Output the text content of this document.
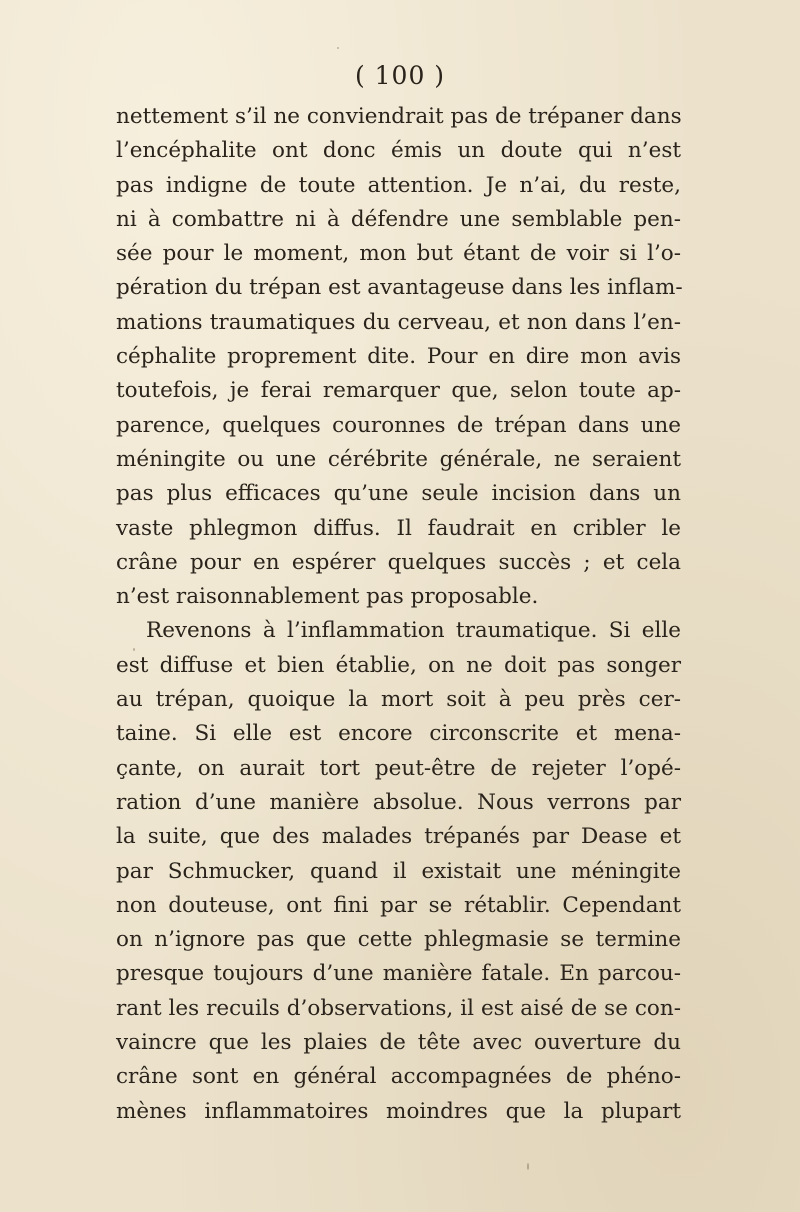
( 100 )
nettement s’il ne conviendrait pas de trépaner dans
l’encéphalite ont donc émis un doute qui n’est
pas indigne de toute attention. Je n’ai, du reste,
ni à combattre ni à défendre une semblable pen-
sée pour le moment, mon but étant de voir si l’o-
pération du trépan est avantageuse dans les inflam-
mations traumatiques du cerveau, et non dans l’en-
céphalite proprement dite. Pour en dire mon avis
toutefois, je ferai remarquer que, selon toute ap-
parence, quelques couronnes de trépan dans une
méningite ou une cérébrite générale, ne seraient
pas plus efficaces qu’une seule incision dans un
vaste phlegmon diffus. Il faudrait en cribler le
crâne pour en espérer quelques succès ; et cela
n’est raisonnablement pas proposable.
Revenons à l’inflammation traumatique. Si elle
est diffuse et bien établie, on ne doit pas songer
au trépan, quoique la mort soit à peu près cer-
taine. Si elle est encore circonscrite et mena-
çante, on aurait tort peut-être de rejeter l’opé-
ration d’une manière absolue. Nous verrons par
la suite, que des malades trépanés par Dease et
par Schmucker, quand il existait une méningite
non douteuse, ont fini par se rétablir. Cependant
on n’ignore pas que cette phlegmasie se termine
presque toujours d’une manière fatale. En parcou-
rant les recuils d’observations, il est aisé de se con-
vaincre que les plaies de tête avec ouverture du
crâne sont en général accompagnées de phéno-
mènes inflammatoires moindres que la plupart
